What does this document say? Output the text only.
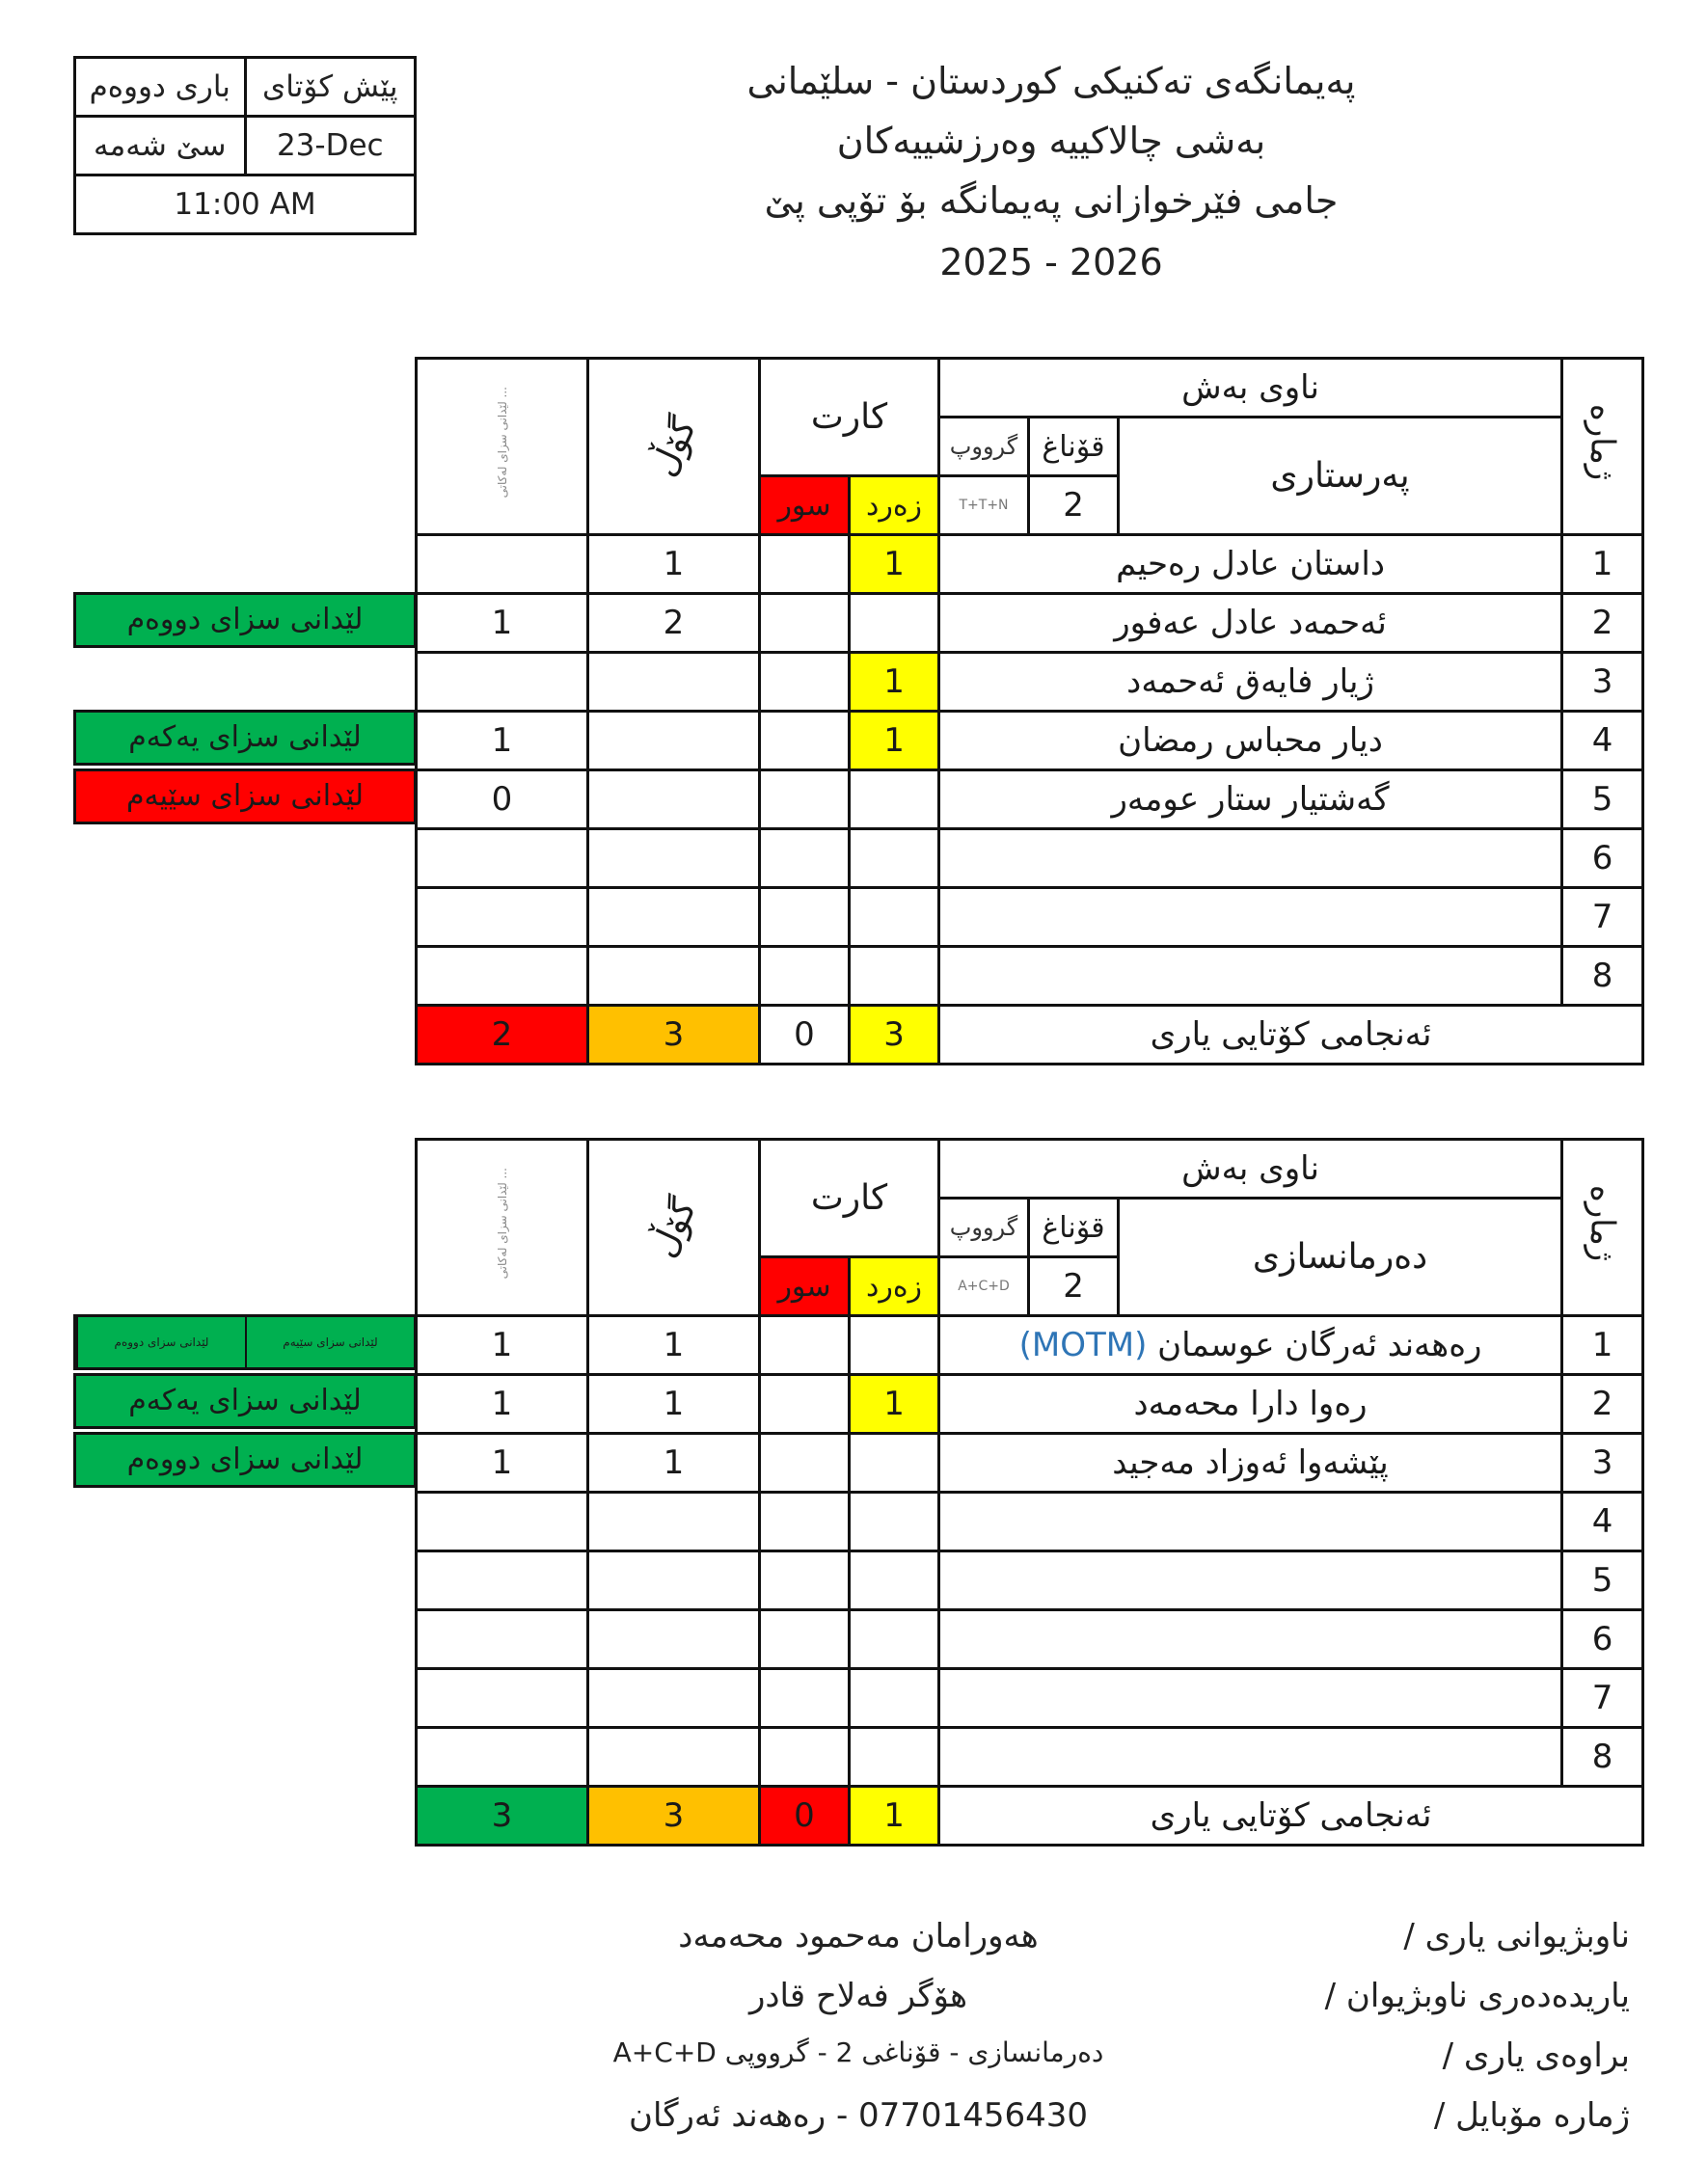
باری دووەم	پێش کۆتای
سێ شەمە	23-Dec
11:00 AM	
پەیمانگەی تەکنیکی کوردستان - سلێمانی
بەشی چالاکییە وەرزشییەکان
جامی فێرخوازانی پەیمانگە بۆ تۆپی پێ
2025 - 2026
لێدانی سزای لەکاتی ...	گۆڵ	کارت		ناوی بەش			ژمارە
				گرووپ	قۆناغ	پەرستاری	
		سور	زەرد	T+T+N	2		
	1		1	داستان عادل رەحیم			1
1	2			ئەحمەد عادل عەفور			2
			1	ژیار فایەق ئەحمەد			3
1			1	دیار محباس رمضان			4
0				گەشتیار ستار عومەر			5
							6
							7
							8
2	3	0	3	ئەنجامی کۆتایی یاری			
لێدانی سزای لەکاتی ...	گۆڵ	کارت		ناوی بەش			ژمارە
				گرووپ	قۆناغ	دەرمانسازی	
		سور	زەرد	A+C+D	2		
1	1			رەهەند ئەرگان عوسمان (MOTM)			1
1	1		1	رەوا دارا محەمەد			2
1	1			پێشەوا ئەوزاد مەجید			3
							4
							5
							6
							7
							8
3	3	0	1	ئەنجامی کۆتایی یاری			
لێدانی سزای دووەم
لێدانی سزای یەکەم
لێدانی سزای سێیەم
لێدانی سزای سێیەم
لێدانی سزای دووەم
لێدانی سزای یەکەم
لێدانی سزای دووەم
ناوبژیوانی یاری /
هەورامان مەحمود محەمەد
یاریدەدەری ناوبژیوان /
هۆگر فەلاح قادر
براوەی یاری /
دەرمانسازی - قۆناغی 2 - گرووپی A+C+D
ژمارە مۆبایل /
07701456430 - رەهەند ئەرگان
